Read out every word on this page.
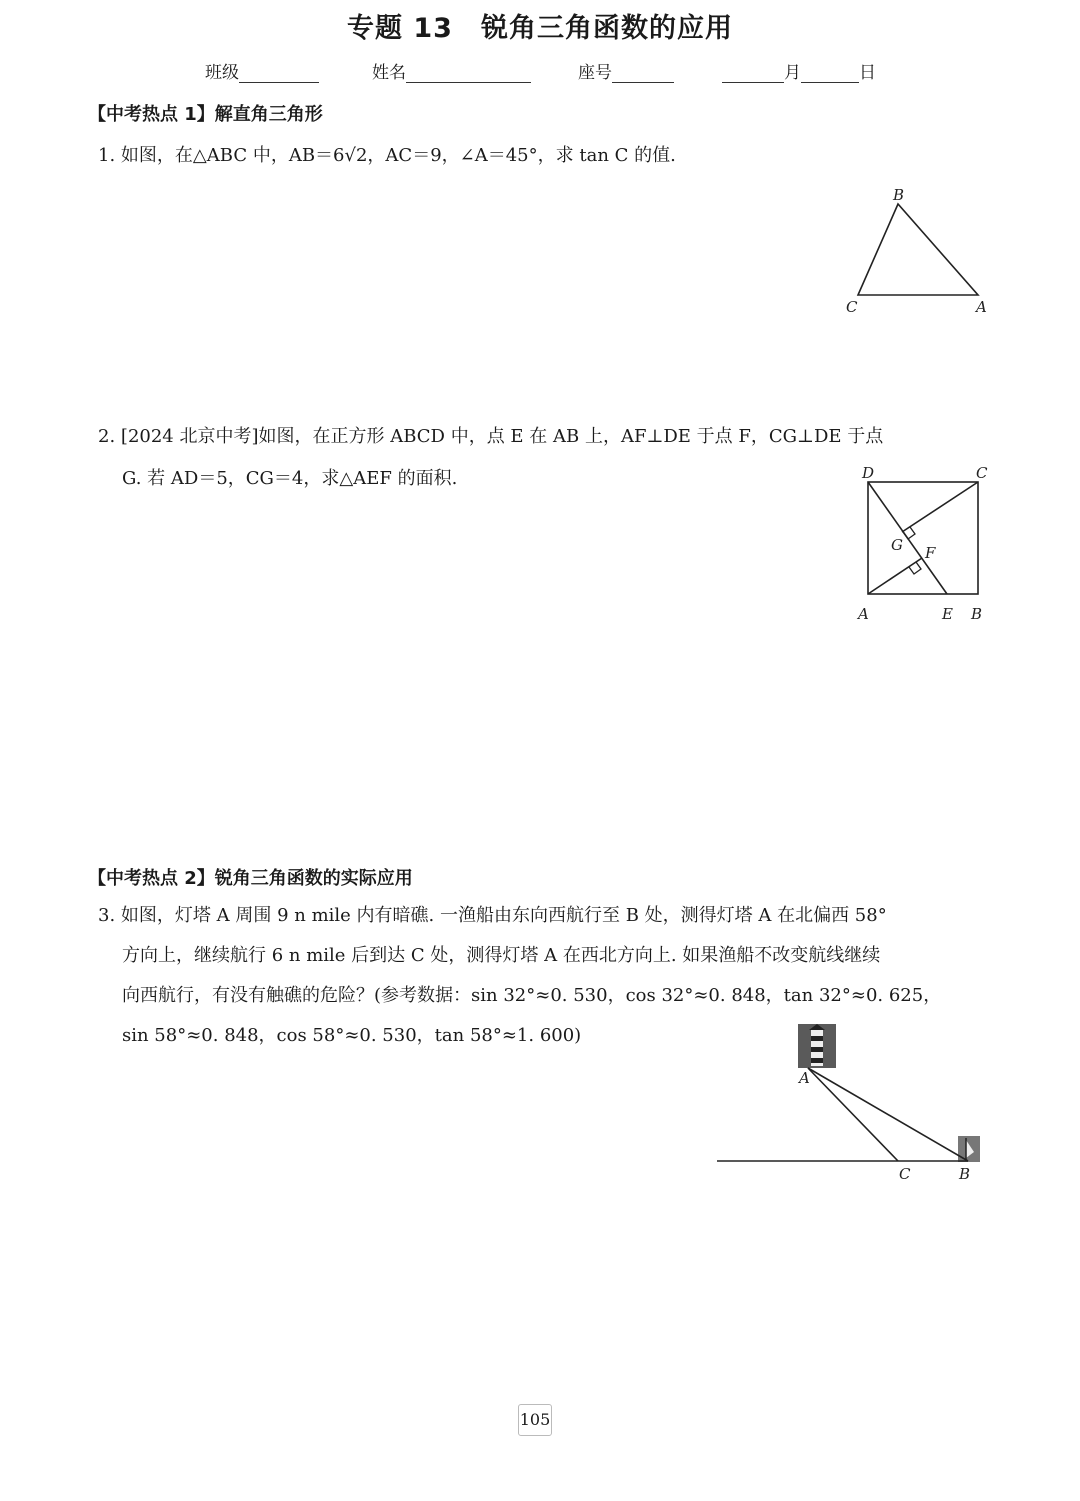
专题 13　锐角三角函数的应用
班级	姓名	座号	月	日
【中考热点 1】解直角三角形
1. 如图，在△ABC 中，AB＝6√2，AC＝9，∠A＝45°，求 tan C 的值.
B
C	A
2. [2024 北京中考]如图，在正方形 ABCD 中，点 E 在 AB 上，AF⊥DE 于点 F，CG⊥DE 于点
G. 若 AD＝5，CG＝4，求△AEF 的面积.	D	C
G F
A	E B
【中考热点 2】锐角三角函数的实际应用
3. 如图，灯塔 A 周围 9 n mile 内有暗礁. 一渔船由东向西航行至 B 处，测得灯塔 A 在北偏西 58°
方向上，继续航行 6 n mile 后到达 C 处，测得灯塔 A 在西北方向上. 如果渔船不改变航线继续
向西航行，有没有触礁的危险？(参考数据：sin 32°≈0. 530，cos 32°≈0. 848，tan 32°≈0. 625，
sin 58°≈0. 848，cos 58°≈0. 530，tan 58°≈1. 600)
A
C	B
105
